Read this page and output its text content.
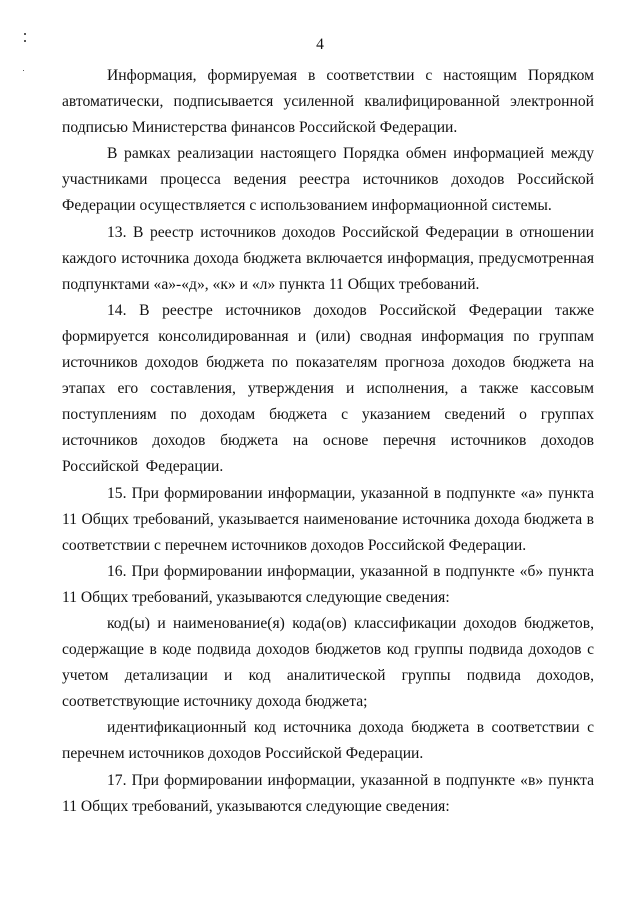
4

Информация, формируемая в соответствии с настоящим Порядком автоматически, подписывается усиленной квалифицированной электронной подписью Министерства финансов Российской Федерации.

В рамках реализации настоящего Порядка обмен информацией между участниками процесса ведения реестра источников доходов Российской Федерации осуществляется с использованием информационной системы.

13. В реестр источников доходов Российской Федерации в отношении каждого источника дохода бюджета включается информация, предусмотренная подпунктами «а»-«д», «к» и «л» пункта 11 Общих требований.

14. В реестре источников доходов Российской Федерации также формируется консолидированная и (или) сводная информация по группам источников доходов бюджета по показателям прогноза доходов бюджета на этапах его составления, утверждения и исполнения, а также кассовым поступлениям по доходам бюджета с указанием сведений о группах источников доходов бюджета на основе перечня источников доходов Российской Федерации.

15. При формировании информации, указанной в подпункте «а» пункта 11 Общих требований, указывается наименование источника дохода бюджета в соответствии с перечнем источников доходов Российской Федерации.

16. При формировании информации, указанной в подпункте «б» пункта 11 Общих требований, указываются следующие сведения:

код(ы) и наименование(я) кода(ов) классификации доходов бюджетов, содержащие в коде подвида доходов бюджетов код группы подвида доходов с учетом детализации и код аналитической группы подвида доходов, соответствующие источнику дохода бюджета;

идентификационный код источника дохода бюджета в соответствии с перечнем источников доходов Российской Федерации.

17. При формировании информации, указанной в подпункте «в» пункта 11 Общих требований, указываются следующие сведения:
